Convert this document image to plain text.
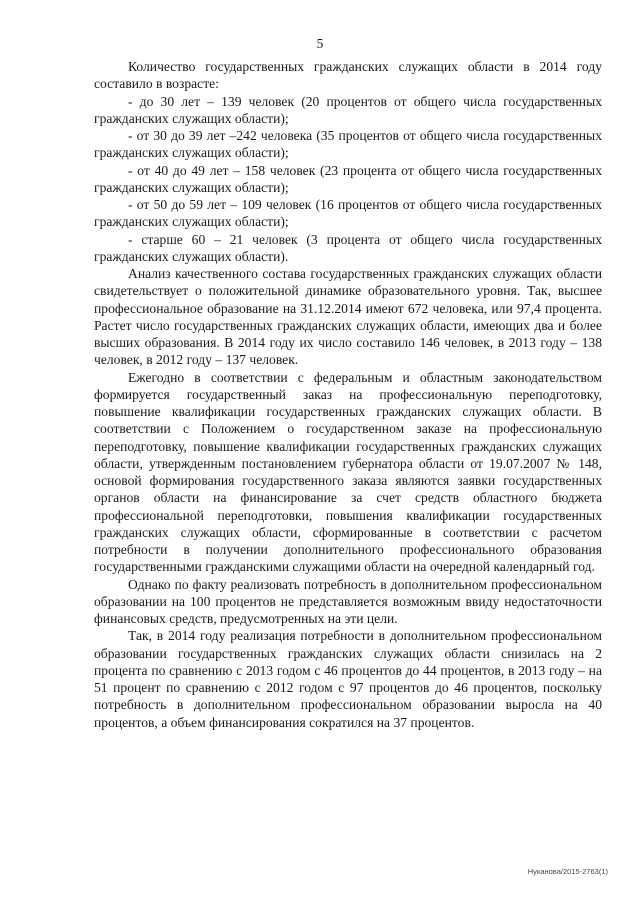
5

Количество государственных гражданских служащих области в 2014 году составило в возрасте:

- до 30 лет – 139 человек (20 процентов от общего числа государственных гражданских служащих области);
- от 30 до 39 лет –242 человека (35 процентов от общего числа государственных гражданских служащих области);
- от 40 до 49 лет – 158 человек (23 процента от общего числа государственных гражданских служащих области);
- от 50 до 59 лет – 109 человек (16 процентов от общего числа государственных гражданских служащих области);
- старше 60 – 21 человек (3 процента от общего числа государственных гражданских служащих области).

Анализ качественного состава государственных гражданских служащих области свидетельствует о положительной динамике образовательного уровня. Так, высшее профессиональное образование на 31.12.2014 имеют 672 человека, или 97,4 процента. Растет число государственных гражданских служащих области, имеющих два и более высших образования. В 2014 году их число составило 146 человек, в 2013 году – 138 человек, в 2012 году – 137 человек.

Ежегодно в соответствии с федеральным и областным законодательством формируется государственный заказ на профессиональную переподготовку, повышение квалификации государственных гражданских служащих области. В соответствии с Положением о государственном заказе на профессиональную переподготовку, повышение квалификации государственных гражданских служащих области, утвержденным постановлением губернатора области от 19.07.2007 № 148, основой формирования государственного заказа являются заявки государственных органов области на финансирование за счет средств областного бюджета профессиональной переподготовки, повышения квалификации государственных гражданских служащих области, сформированные в соответствии с расчетом потребности в получении дополнительного профессионального образования государственными гражданскими служащими области на очередной календарный год.

Однако по факту реализовать потребность в дополнительном профессиональном образовании на 100 процентов не представляется возможным ввиду недостаточности финансовых средств, предусмотренных на эти цели.

Так, в 2014 году реализация потребности в дополнительном профессиональном образовании государственных гражданских служащих области снизилась на 2 процента по сравнению с 2013 годом с 46 процентов до 44 процентов, в 2013 году – на 51 процент по сравнению с 2012 годом с 97 процентов до 46 процентов, поскольку потребность в дополнительном профессиональном образовании выросла на 40 процентов, а объем финансирования сократился на 37 процентов.

Нуканова/2015-2763(1)
